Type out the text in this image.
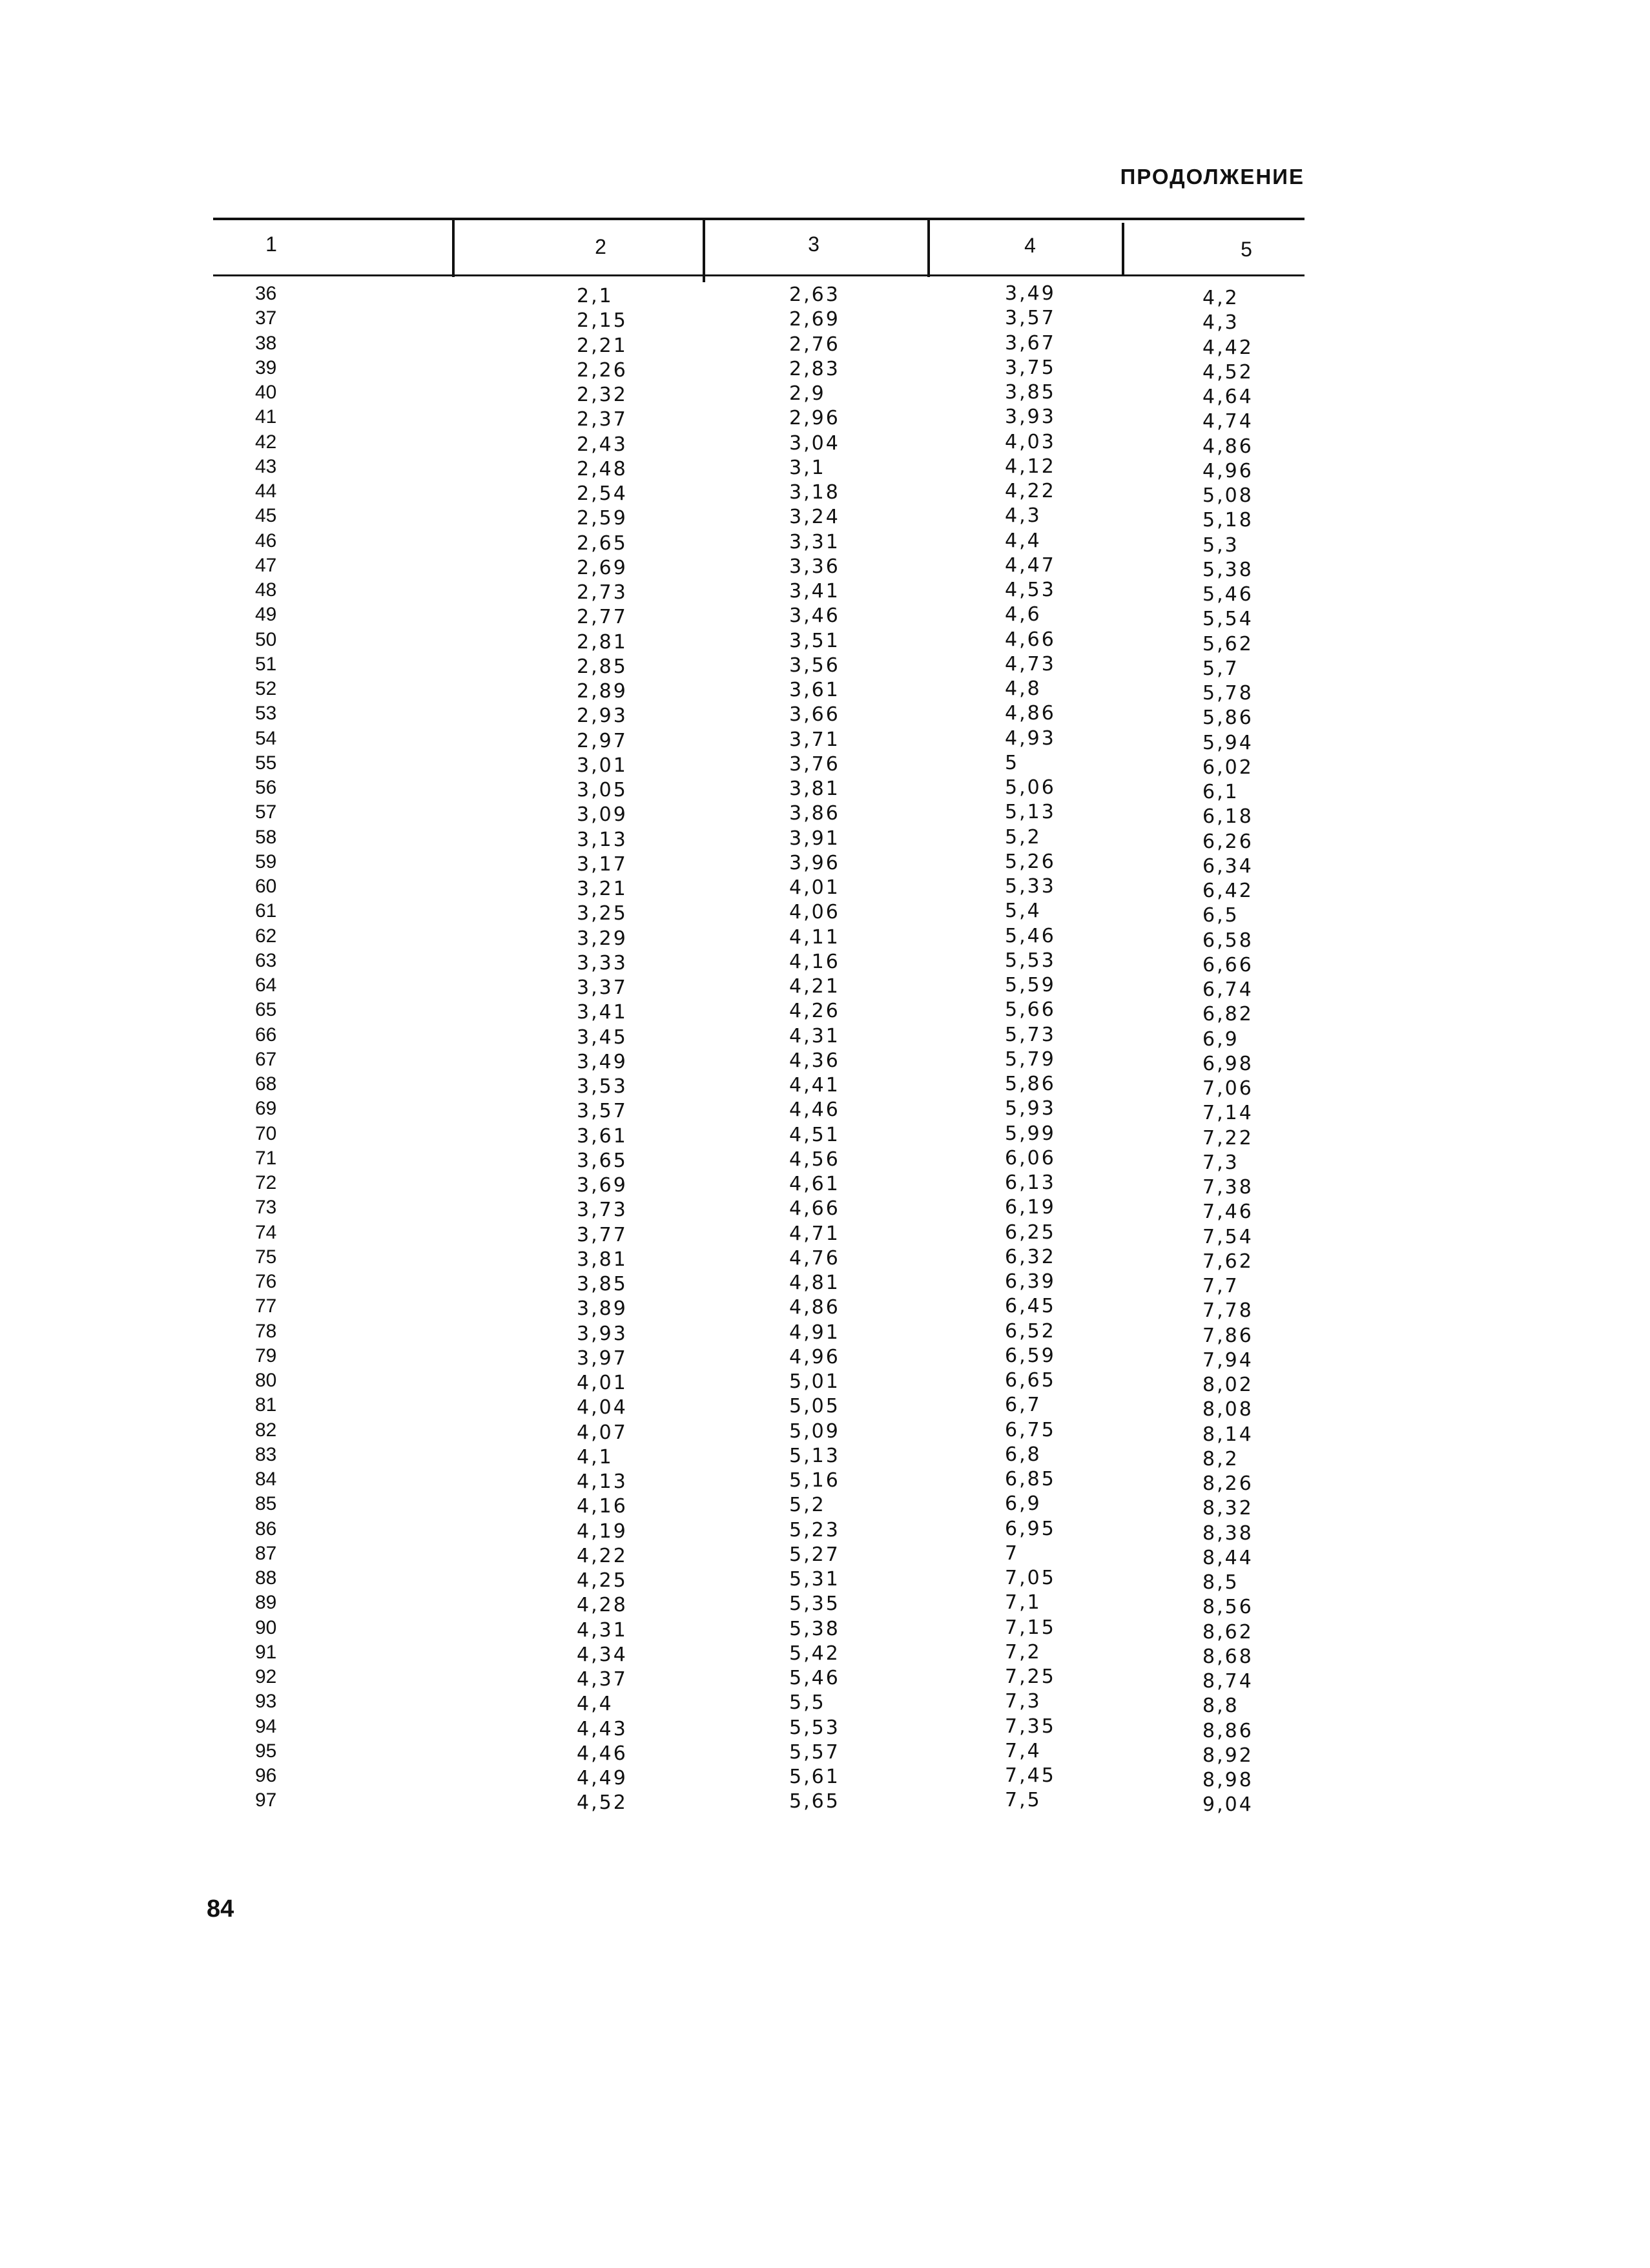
ПРОДОЛЖЕНИЕ
1	2	3	4	5
36	2,1	2,63	3,49	4,2
37	2,15	2,69	3,57	4,3
38	2,21	2,76	3,67	4,42
39	2,26	2,83	3,75	4,52
40	2,32	2,9	3,85	4,64
41	2,37	2,96	3,93	4,74
42	2,43	3,04	4,03	4,86
43	2,48	3,1	4,12	4,96
44	2,54	3,18	4,22	5,08
45	2,59	3,24	4,3	5,18
46	2,65	3,31	4,4	5,3
47	2,69	3,36	4,47	5,38
48	2,73	3,41	4,53	5,46
49	2,77	3,46	4,6	5,54
50	2,81	3,51	4,66	5,62
51	2,85	3,56	4,73	5,7
52	2,89	3,61	4,8	5,78
53	2,93	3,66	4,86	5,86
54	2,97	3,71	4,93	5,94
55	3,01	3,76	5	6,02
56	3,05	3,81	5,06	6,1
57	3,09	3,86	5,13	6,18
58	3,13	3,91	5,2	6,26
59	3,17	3,96	5,26	6,34
60	3,21	4,01	5,33	6,42
61	3,25	4,06	5,4	6,5
62	3,29	4,11	5,46	6,58
63	3,33	4,16	5,53	6,66
64	3,37	4,21	5,59	6,74
65	3,41	4,26	5,66	6,82
66	3,45	4,31	5,73	6,9
67	3,49	4,36	5,79	6,98
68	3,53	4,41	5,86	7,06
69	3,57	4,46	5,93	7,14
70	3,61	4,51	5,99	7,22
71	3,65	4,56	6,06	7,3
72	3,69	4,61	6,13	7,38
73	3,73	4,66	6,19	7,46
74	3,77	4,71	6,25	7,54
75	3,81	4,76	6,32	7,62
76	3,85	4,81	6,39	7,7
77	3,89	4,86	6,45	7,78
78	3,93	4,91	6,52	7,86
79	3,97	4,96	6,59	7,94
80	4,01	5,01	6,65	8,02
81	4,04	5,05	6,7	8,08
82	4,07	5,09	6,75	8,14
83	4,1	5,13	6,8	8,2
84	4,13	5,16	6,85	8,26
85	4,16	5,2	6,9	8,32
86	4,19	5,23	6,95	8,38
87	4,22	5,27	7	8,44
88	4,25	5,31	7,05	8,5
89	4,28	5,35	7,1	8,56
90	4,31	5,38	7,15	8,62
91	4,34	5,42	7,2	8,68
92	4,37	5,46	7,25	8,74
93	4,4	5,5	7,3	8,8
94	4,43	5,53	7,35	8,86
95	4,46	5,57	7,4	8,92
96	4,49	5,61	7,45	8,98
97	4,52	5,65	7,5	9,04
84
